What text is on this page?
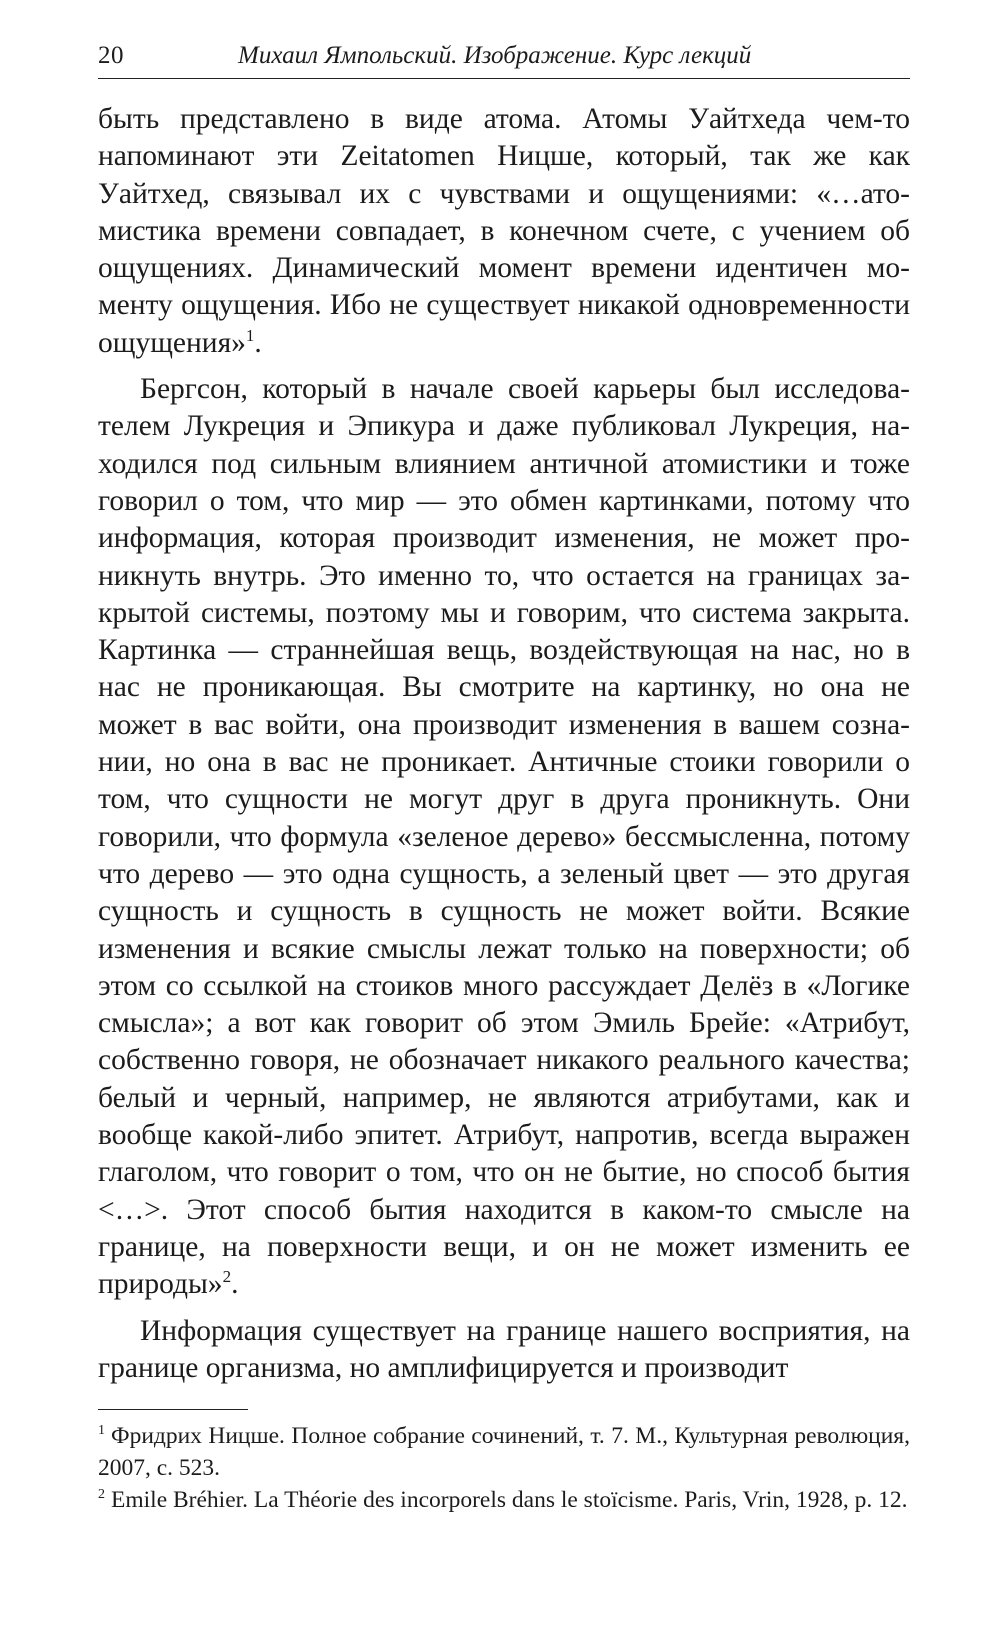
20	Михаил Ямпольский. Изображение. Курс лекций

быть представлено в виде атома. Атомы Уайтхеда чем-то напоминают эти Zeitatomen Ницше, который, так же как Уайтхед, связывал их с чувствами и ощущениями: «…атомистика времени совпадает, в конечном счете, с учением об ощущениях. Динамический момент времени идентичен моменту ощущения. Ибо не существует никакой одновременности ощущения»$^1$.

Бергсон, который в начале своей карьеры был исследователем Лукреция и Эпикура и даже публиковал Лукреция, находился под сильным влиянием античной атомистики и тоже говорил о том, что мир — это обмен картинками, потому что информация, которая производит изменения, не может проникнуть внутрь. Это именно то, что остается на границах закрытой системы, поэтому мы и говорим, что система закрыта. Картинка — страннейшая вещь, воздействующая на нас, но в нас не проникающая. Вы смотрите на картинку, но она не может в вас войти, она производит изменения в вашем сознании, но она в вас не проникает. Античные стоики говорили о том, что сущности не могут друг в друга проникнуть. Они говорили, что формула «зеленое дерево» бессмысленна, потому что дерево — это одна сущность, а зеленый цвет — это другая сущность и сущность в сущность не может войти. Всякие изменения и всякие смыслы лежат только на поверхности; об этом со ссылкой на стоиков много рассуждает Делёз в «Логике смысла»; а вот как говорит об этом Эмиль Брейе: «Атрибут, собственно говоря, не обозначает никакого реального качества; белый и черный, например, не являются атрибутами, как и вообще какой-либо эпитет. Атрибут, напротив, всегда выражен глаголом, что говорит о том, что он не бытие, но способ бытия <…>. Этот способ бытия находится в каком-то смысле на границе, на поверхности вещи, и он не может изменить ее природы»$^2$.

Информация существует на границе нашего восприятия, на границе организма, но амплифицируется и производит

$^1$ Фридрих Ницше. Полное собрание сочинений, т. 7. М., Культурная революция, 2007, с. 523.

$^2$ Emile Bréhier. La Théorie des incorporels dans le stoïcisme. Paris, Vrin, 1928, p. 12.
